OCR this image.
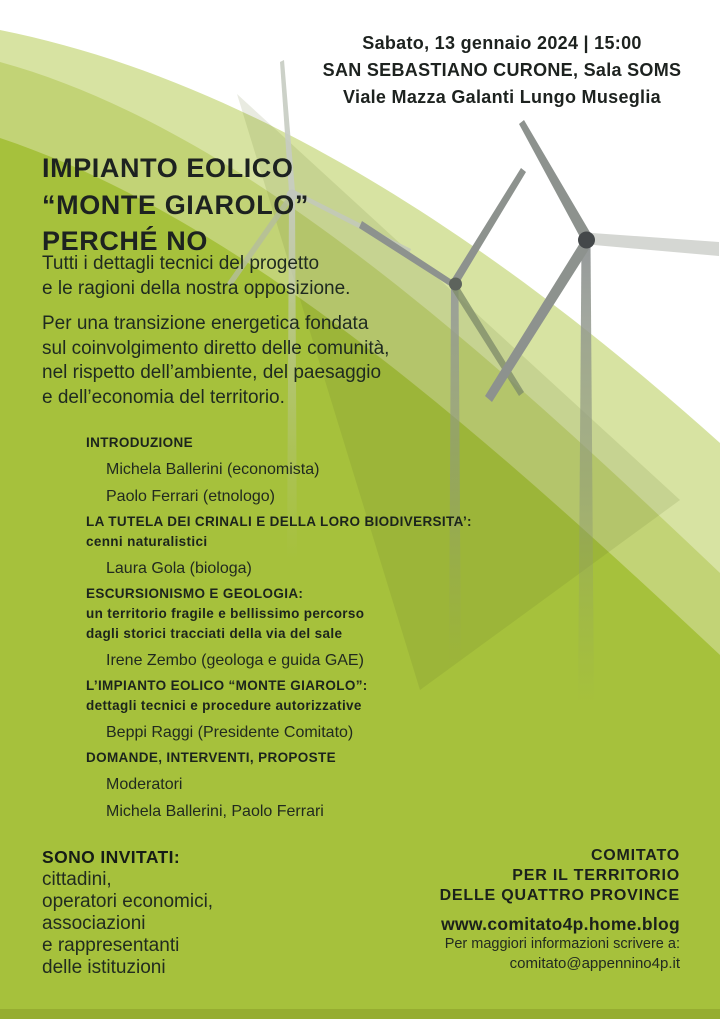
Sabato, 13 gennaio 2024 | 15:00
SAN SEBASTIANO CURONE, Sala SOMS
Viale Mazza Galanti Lungo Museglia
IMPIANTO EOLICO
“MONTE GIAROLO”
PERCHÉ NO
Tutti i dettagli tecnici del progetto
e le ragioni della nostra opposizione.
Per una transizione energetica fondata
sul coinvolgimento diretto delle comunità,
nel rispetto dell’ambiente, del paesaggio
e dell’economia del territorio.
INTRODUZIONE
Michela Ballerini (economista)
Paolo Ferrari (etnologo)
LA TUTELA DEI CRINALI E DELLA LORO BIODIVERSITA’:
cenni naturalistici
Laura Gola (biologa)
ESCURSIONISMO E GEOLOGIA:
un territorio fragile e bellissimo percorso
dagli storici tracciati della via del sale
Irene Zembo (geologa e guida GAE)
L’IMPIANTO EOLICO “MONTE GIAROLO”:
dettagli tecnici e procedure autorizzative
Beppi Raggi (Presidente Comitato)
DOMANDE, INTERVENTI, PROPOSTE
Moderatori
Michela Ballerini, Paolo Ferrari
SONO INVITATI:
cittadini,
operatori economici,
associazioni
e rappresentanti
delle istituzioni
COMITATO
PER IL TERRITORIO
DELLE QUATTRO PROVINCE
www.comitato4p.home.blog
Per maggiori informazioni scrivere a:
comitato@appennino4p.it
